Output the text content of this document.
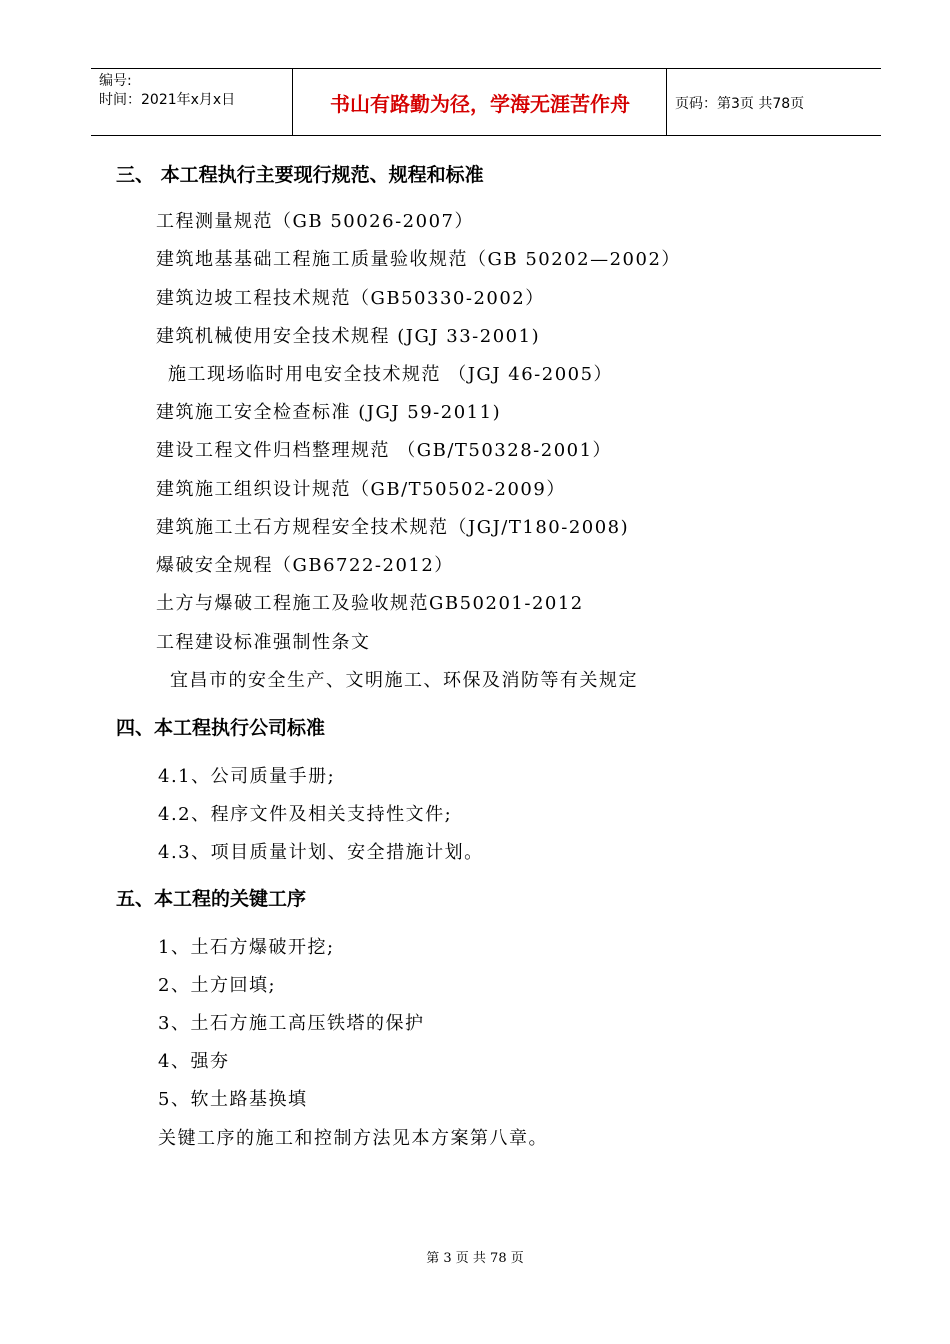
编号:
时间：2021年x月x日	书山有路勤为径，学海无涯苦作舟	页码：第3页 共78页
三、 本工程执行主要现行规范、规程和标准
工程测量规范（GB 50026-2007）
建筑地基基础工程施工质量验收规范（GB 50202—2002）
建筑边坡工程技术规范（GB50330-2002）
建筑机械使用安全技术规程 (JGJ 33-2001)
施工现场临时用电安全技术规范 （JGJ 46-2005）
建筑施工安全检查标准 (JGJ 59-2011)
建设工程文件归档整理规范 （GB/T50328-2001）
建筑施工组织设计规范（GB/T50502-2009）
建筑施工土石方规程安全技术规范（JGJ/T180-2008)
爆破安全规程（GB6722-2012）
土方与爆破工程施工及验收规范GB50201-2012
工程建设标准强制性条文
宜昌市的安全生产、文明施工、环保及消防等有关规定
四、本工程执行公司标准
4.1、公司质量手册;
4.2、程序文件及相关支持性文件;
4.3、项目质量计划、安全措施计划。
五、本工程的关键工序
1、土石方爆破开挖;
2、土方回填;
3、土石方施工高压铁塔的保护
4、强夯
5、软土路基换填
关键工序的施工和控制方法见本方案第八章。
第 3 页 共 78 页
